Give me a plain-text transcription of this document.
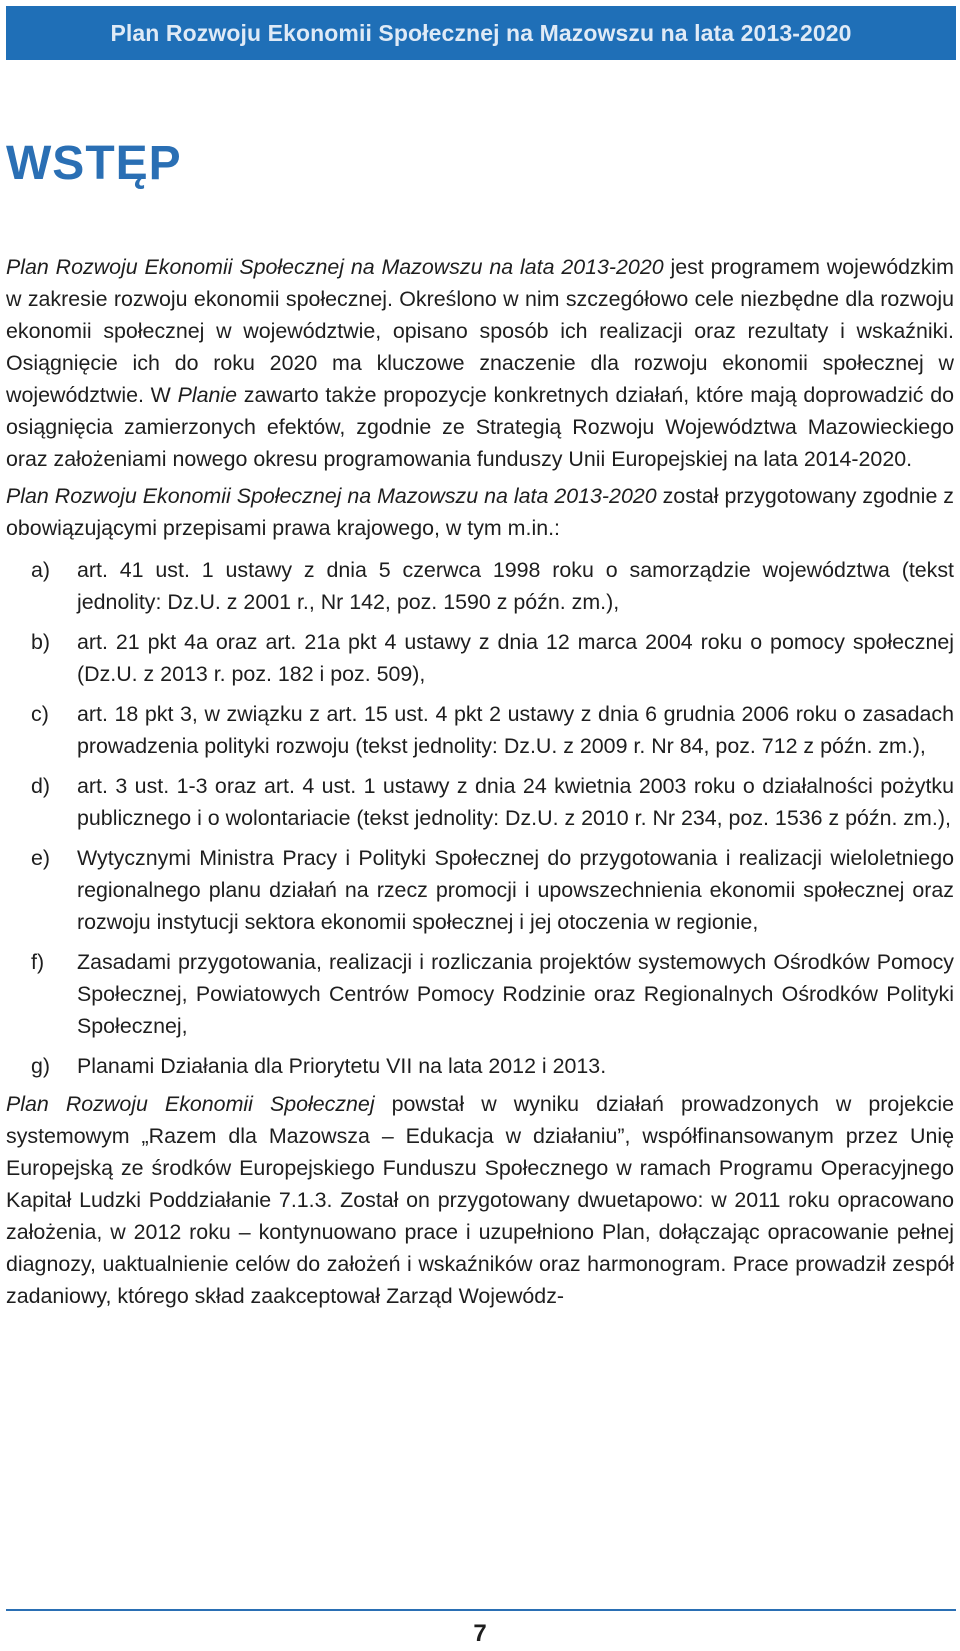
Plan Rozwoju Ekonomii Społecznej na Mazowszu na lata 2013-2020
WSTĘP

Plan Rozwoju Ekonomii Społecznej na Mazowszu na lata 2013-2020 jest programem wojewódzkim w zakresie rozwoju ekonomii społecznej. Określono w nim szczegółowo cele niezbędne dla rozwoju ekonomii społecznej w województwie, opisano sposób ich realizacji oraz rezultaty i wskaźniki. Osiągnięcie ich do roku 2020 ma kluczowe znaczenie dla rozwoju ekonomii społecznej w województwie. W Planie zawarto także propozycje konkretnych działań, które mają doprowadzić do osiągnięcia zamierzonych efektów, zgodnie ze Strategią Rozwoju Województwa Mazowieckiego oraz założeniami nowego okresu programowania funduszy Unii Europejskiej na lata 2014-2020.

Plan Rozwoju Ekonomii Społecznej na Mazowszu na lata 2013-2020 został przygotowany zgodnie z obowiązującymi przepisami prawa krajowego, w tym m.in.:

a)	art. 41 ust. 1 ustawy z dnia 5 czerwca 1998 roku o samorządzie województwa (tekst jednolity: Dz.U. z 2001 r., Nr 142, poz. 1590 z późn. zm.),
b)	art. 21 pkt 4a oraz art. 21a pkt 4 ustawy z dnia 12 marca 2004 roku o pomocy społecznej (Dz.U. z 2013 r. poz. 182 i poz. 509),
c)	art. 18 pkt 3, w związku z art. 15 ust. 4 pkt 2 ustawy z dnia 6 grudnia 2006 roku o zasadach prowadzenia polityki rozwoju (tekst jednolity: Dz.U. z 2009 r. Nr 84, poz. 712 z późn. zm.),
d)	art. 3 ust. 1-3 oraz art. 4 ust. 1 ustawy z dnia 24 kwietnia 2003 roku o działalności pożytku publicznego i o wolontariacie (tekst jednolity: Dz.U. z 2010 r. Nr 234, poz. 1536 z późn. zm.),
e)	Wytycznymi Ministra Pracy i Polityki Społecznej do przygotowania i realizacji wieloletniego regionalnego planu działań na rzecz promocji i upowszechnienia ekonomii społecznej oraz rozwoju instytucji sektora ekonomii społecznej i jej otoczenia w regionie,
f)	Zasadami przygotowania, realizacji i rozliczania projektów systemowych Ośrodków Pomocy Społecznej, Powiatowych Centrów Pomocy Rodzinie oraz Regionalnych Ośrodków Polityki Społecznej,
g)	Planami Działania dla Priorytetu VII na lata 2012 i 2013.

Plan Rozwoju Ekonomii Społecznej powstał w wyniku działań prowadzonych w projekcie systemowym „Razem dla Mazowsza – Edukacja w działaniu”, współfinansowanym przez Unię Europejską ze środków Europejskiego Funduszu Społecznego w ramach Programu Operacyjnego Kapitał Ludzki Poddziałanie 7.1.3. Został on przygotowany dwuetapowo: w 2011 roku opracowano założenia, w 2012 roku – kontynuowano prace i uzupełniono Plan, dołączając opracowanie pełnej diagnozy, uaktualnienie celów do założeń i wskaźników oraz harmonogram. Prace prowadził zespół zadaniowy, którego skład zaakceptował Zarząd Wojewódz-

7
